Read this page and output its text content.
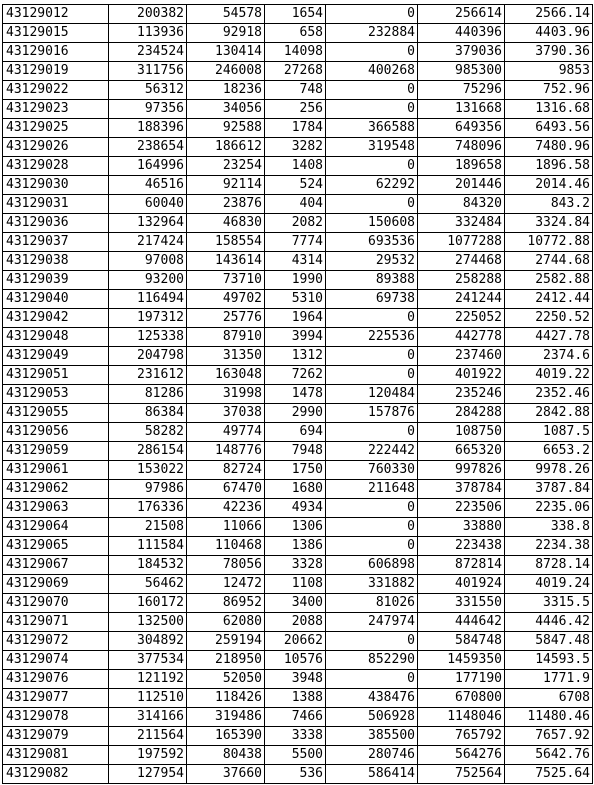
43129012	200382	54578	1654	0	256614	2566.14
43129015	113936	92918	658	232884	440396	4403.96
43129016	234524	130414	14098	0	379036	3790.36
43129019	311756	246008	27268	400268	985300	9853
43129022	56312	18236	748	0	75296	752.96
43129023	97356	34056	256	0	131668	1316.68
43129025	188396	92588	1784	366588	649356	6493.56
43129026	238654	186612	3282	319548	748096	7480.96
43129028	164996	23254	1408	0	189658	1896.58
43129030	46516	92114	524	62292	201446	2014.46
43129031	60040	23876	404	0	84320	843.2
43129036	132964	46830	2082	150608	332484	3324.84
43129037	217424	158554	7774	693536	1077288	10772.88
43129038	97008	143614	4314	29532	274468	2744.68
43129039	93200	73710	1990	89388	258288	2582.88
43129040	116494	49702	5310	69738	241244	2412.44
43129042	197312	25776	1964	0	225052	2250.52
43129048	125338	87910	3994	225536	442778	4427.78
43129049	204798	31350	1312	0	237460	2374.6
43129051	231612	163048	7262	0	401922	4019.22
43129053	81286	31998	1478	120484	235246	2352.46
43129055	86384	37038	2990	157876	284288	2842.88
43129056	58282	49774	694	0	108750	1087.5
43129059	286154	148776	7948	222442	665320	6653.2
43129061	153022	82724	1750	760330	997826	9978.26
43129062	97986	67470	1680	211648	378784	3787.84
43129063	176336	42236	4934	0	223506	2235.06
43129064	21508	11066	1306	0	33880	338.8
43129065	111584	110468	1386	0	223438	2234.38
43129067	184532	78056	3328	606898	872814	8728.14
43129069	56462	12472	1108	331882	401924	4019.24
43129070	160172	86952	3400	81026	331550	3315.5
43129071	132500	62080	2088	247974	444642	4446.42
43129072	304892	259194	20662	0	584748	5847.48
43129074	377534	218950	10576	852290	1459350	14593.5
43129076	121192	52050	3948	0	177190	1771.9
43129077	112510	118426	1388	438476	670800	6708
43129078	314166	319486	7466	506928	1148046	11480.46
43129079	211564	165390	3338	385500	765792	7657.92
43129081	197592	80438	5500	280746	564276	5642.76
43129082	127954	37660	536	586414	752564	7525.64
